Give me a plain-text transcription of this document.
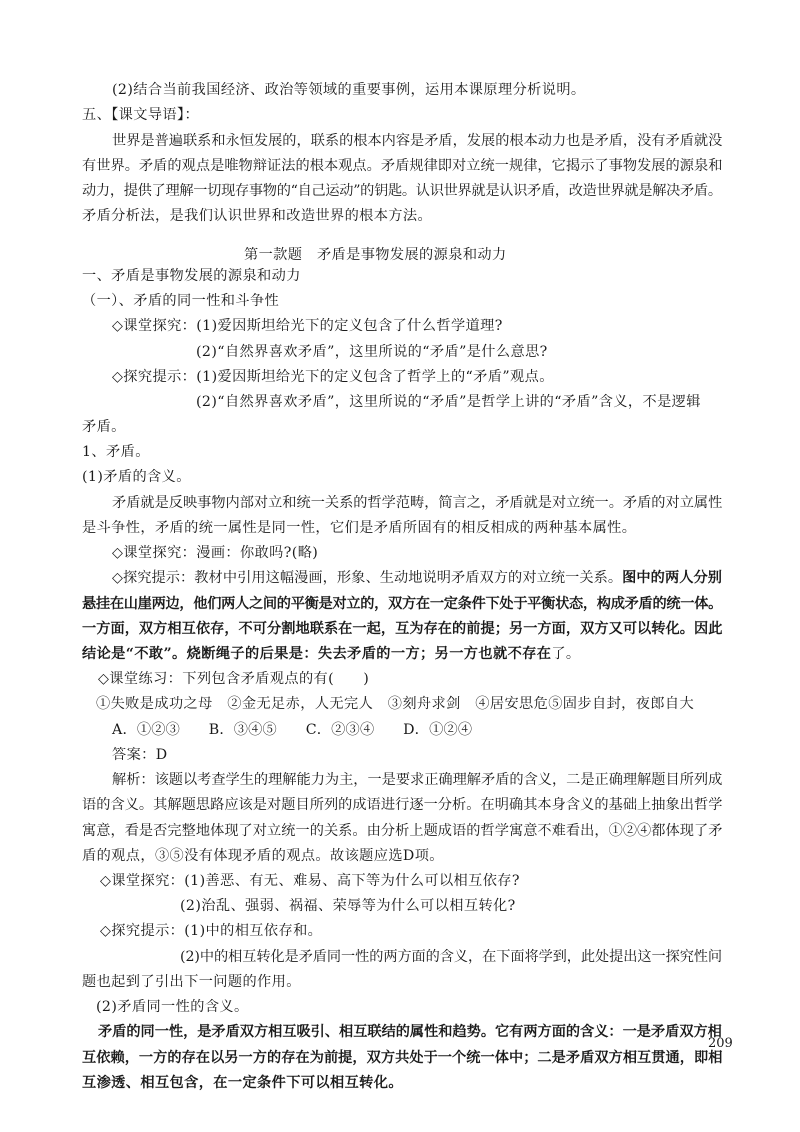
(2)结合当前我国经济、政治等领域的重要事例，运用本课原理分析说明。
五、【课文导语】：
世界是普遍联系和永恒发展的，联系的根本内容是矛盾，发展的根本动力也是矛盾，没有矛盾就没
有世界。矛盾的观点是唯物辩证法的根本观点。矛盾规律即对立统一规律，它揭示了事物发展的源泉和
动力，提供了理解一切现存事物的“自己运动”的钥匙。认识世界就是认识矛盾，改造世界就是解决矛盾。
矛盾分析法，是我们认识世界和改造世界的根本方法。
第一款题　矛盾是事物发展的源泉和动力
一、矛盾是事物发展的源泉和动力
（一）、矛盾的同一性和斗争性
◇课堂探究：(1)爱因斯坦给光下的定义包含了什么哲学道理?
(2)“自然界喜欢矛盾”，这里所说的“矛盾”是什么意思?
◇探究提示：(1)爱因斯坦给光下的定义包含了哲学上的“矛盾”观点。
(2)“自然界喜欢矛盾”，这里所说的“矛盾”是哲学上讲的“矛盾”含义，不是逻辑
矛盾。
1、矛盾。
(1)矛盾的含义。
矛盾就是反映事物内部对立和统一关系的哲学范畴，简言之，矛盾就是对立统一。矛盾的对立属性
是斗争性，矛盾的统一属性是同一性，它们是矛盾所固有的相反相成的两种基本属性。
◇课堂探究：漫画：你敢吗?(略)
◇探究提示：教材中引用这幅漫画，形象、生动地说明矛盾双方的对立统一关系。图中的两人分别
悬挂在山崖两边，他们两人之间的平衡是对立的，双方在一定条件下处于平衡状态，构成矛盾的统一体。
一方面，双方相互依存，不可分割地联系在一起，互为存在的前提；另一方面，双方又可以转化。因此
结论是“不敢”。烧断绳子的后果是：失去矛盾的一方；另一方也就不存在了。
◇课堂练习：下列包含矛盾观点的有(　　)
①失败是成功之母　②金无足赤，人无完人　③刻舟求剑　④居安思危⑤固步自封，夜郎自大
A．①②③　　B．③④⑤　　C．②③④　　D．①②④
答案：D
解析：该题以考查学生的理解能力为主，一是要求正确理解矛盾的含义，二是正确理解题目所列成
语的含义。其解题思路应该是对题目所列的成语进行逐一分析。在明确其本身含义的基础上抽象出哲学
寓意，看是否完整地体现了对立统一的关系。由分析上题成语的哲学寓意不难看出，①②④都体现了矛
盾的观点，③⑤没有体现矛盾的观点。故该题应选D项。
◇课堂探究：(1)善恶、有无、难易、高下等为什么可以相互依存?
(2)治乱、强弱、祸福、荣辱等为什么可以相互转化?
◇探究提示：(1)中的相互依存和。
(2)中的相互转化是矛盾同一性的两方面的含义，在下面将学到，此处提出这一探究性问
题也起到了引出下一问题的作用。
(2)矛盾同一性的含义。
矛盾的同一性，是矛盾双方相互吸引、相互联结的属性和趋势。它有两方面的含义：一是矛盾双方相
互依赖，一方的存在以另一方的存在为前提，双方共处于一个统一体中；二是矛盾双方相互贯通，即相
互渗透、相互包含，在一定条件下可以相互转化。
209
